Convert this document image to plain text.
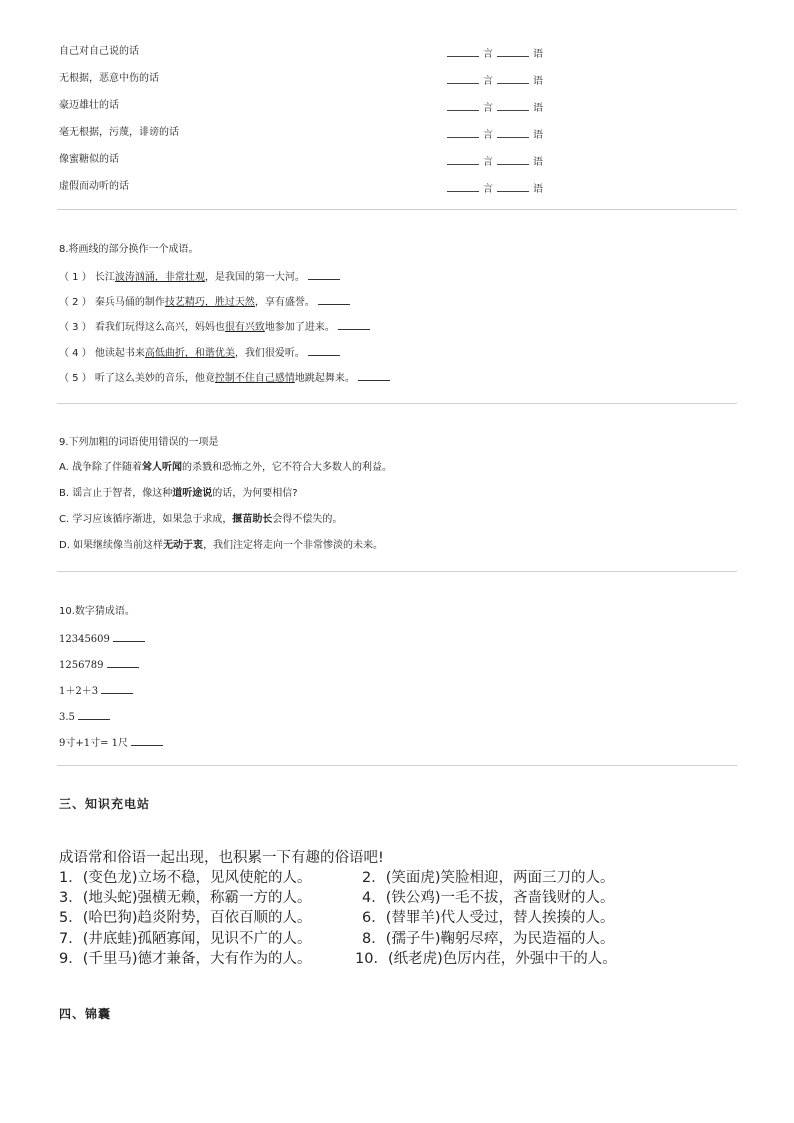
自己对自己说的话	言	语
无根据，恶意中伤的话	言	语
豪迈雄壮的话	言	语
毫无根据，污蔑，诽谤的话	言	语
像蜜糖似的话	言	语
虚假而动听的话	言	语
8.将画线的部分换作一个成语。
（ 1 ） 长江波涛汹涌，非常壮观，是我国的第一大河。
（ 2 ） 秦兵马俑的制作技艺精巧，胜过天然，享有盛誉。
（ 3 ） 看我们玩得这么高兴，妈妈也很有兴致地参加了进来。
（ 4 ） 他读起书来高低曲折，和谐优美，我们很爱听。
（ 5 ） 听了这么美妙的音乐，他竟控制不住自己感情地跳起舞来。
9.下列加粗的词语使用错误的一项是
A. 战争除了伴随着耸人听闻的杀戮和恐怖之外，它不符合大多数人的利益。
B. 谣言止于智者，像这种道听途说的话，为何要相信?
C. 学习应该循序渐进，如果急于求成，揠苗助长会得不偿失的。
D. 如果继续像当前这样无动于衷，我们注定将走向一个非常惨淡的未来。
10.数字猜成语。
12345609
1256789
1＋2＋3
3.5
9寸+1寸= 1尺
三、知识充电站
成语常和俗语一起出现，也积累一下有趣的俗语吧!
1．(变色龙)立场不稳，见风使舵的人。	2．(笑面虎)笑脸相迎，两面三刀的人。
3．(地头蛇)强横无赖，称霸一方的人。	4．(铁公鸡)一毛不拔，吝啬钱财的人。
5．(哈巴狗)趋炎附势，百依百顺的人。	6．(替罪羊)代人受过，替人挨揍的人。
7．(井底蛙)孤陋寡闻，见识不广的人。	8．(孺子牛)鞠躬尽瘁，为民造福的人。
9．(千里马)德才兼备，大有作为的人。	10．(纸老虎)色厉内荏，外强中干的人。
四、锦囊
